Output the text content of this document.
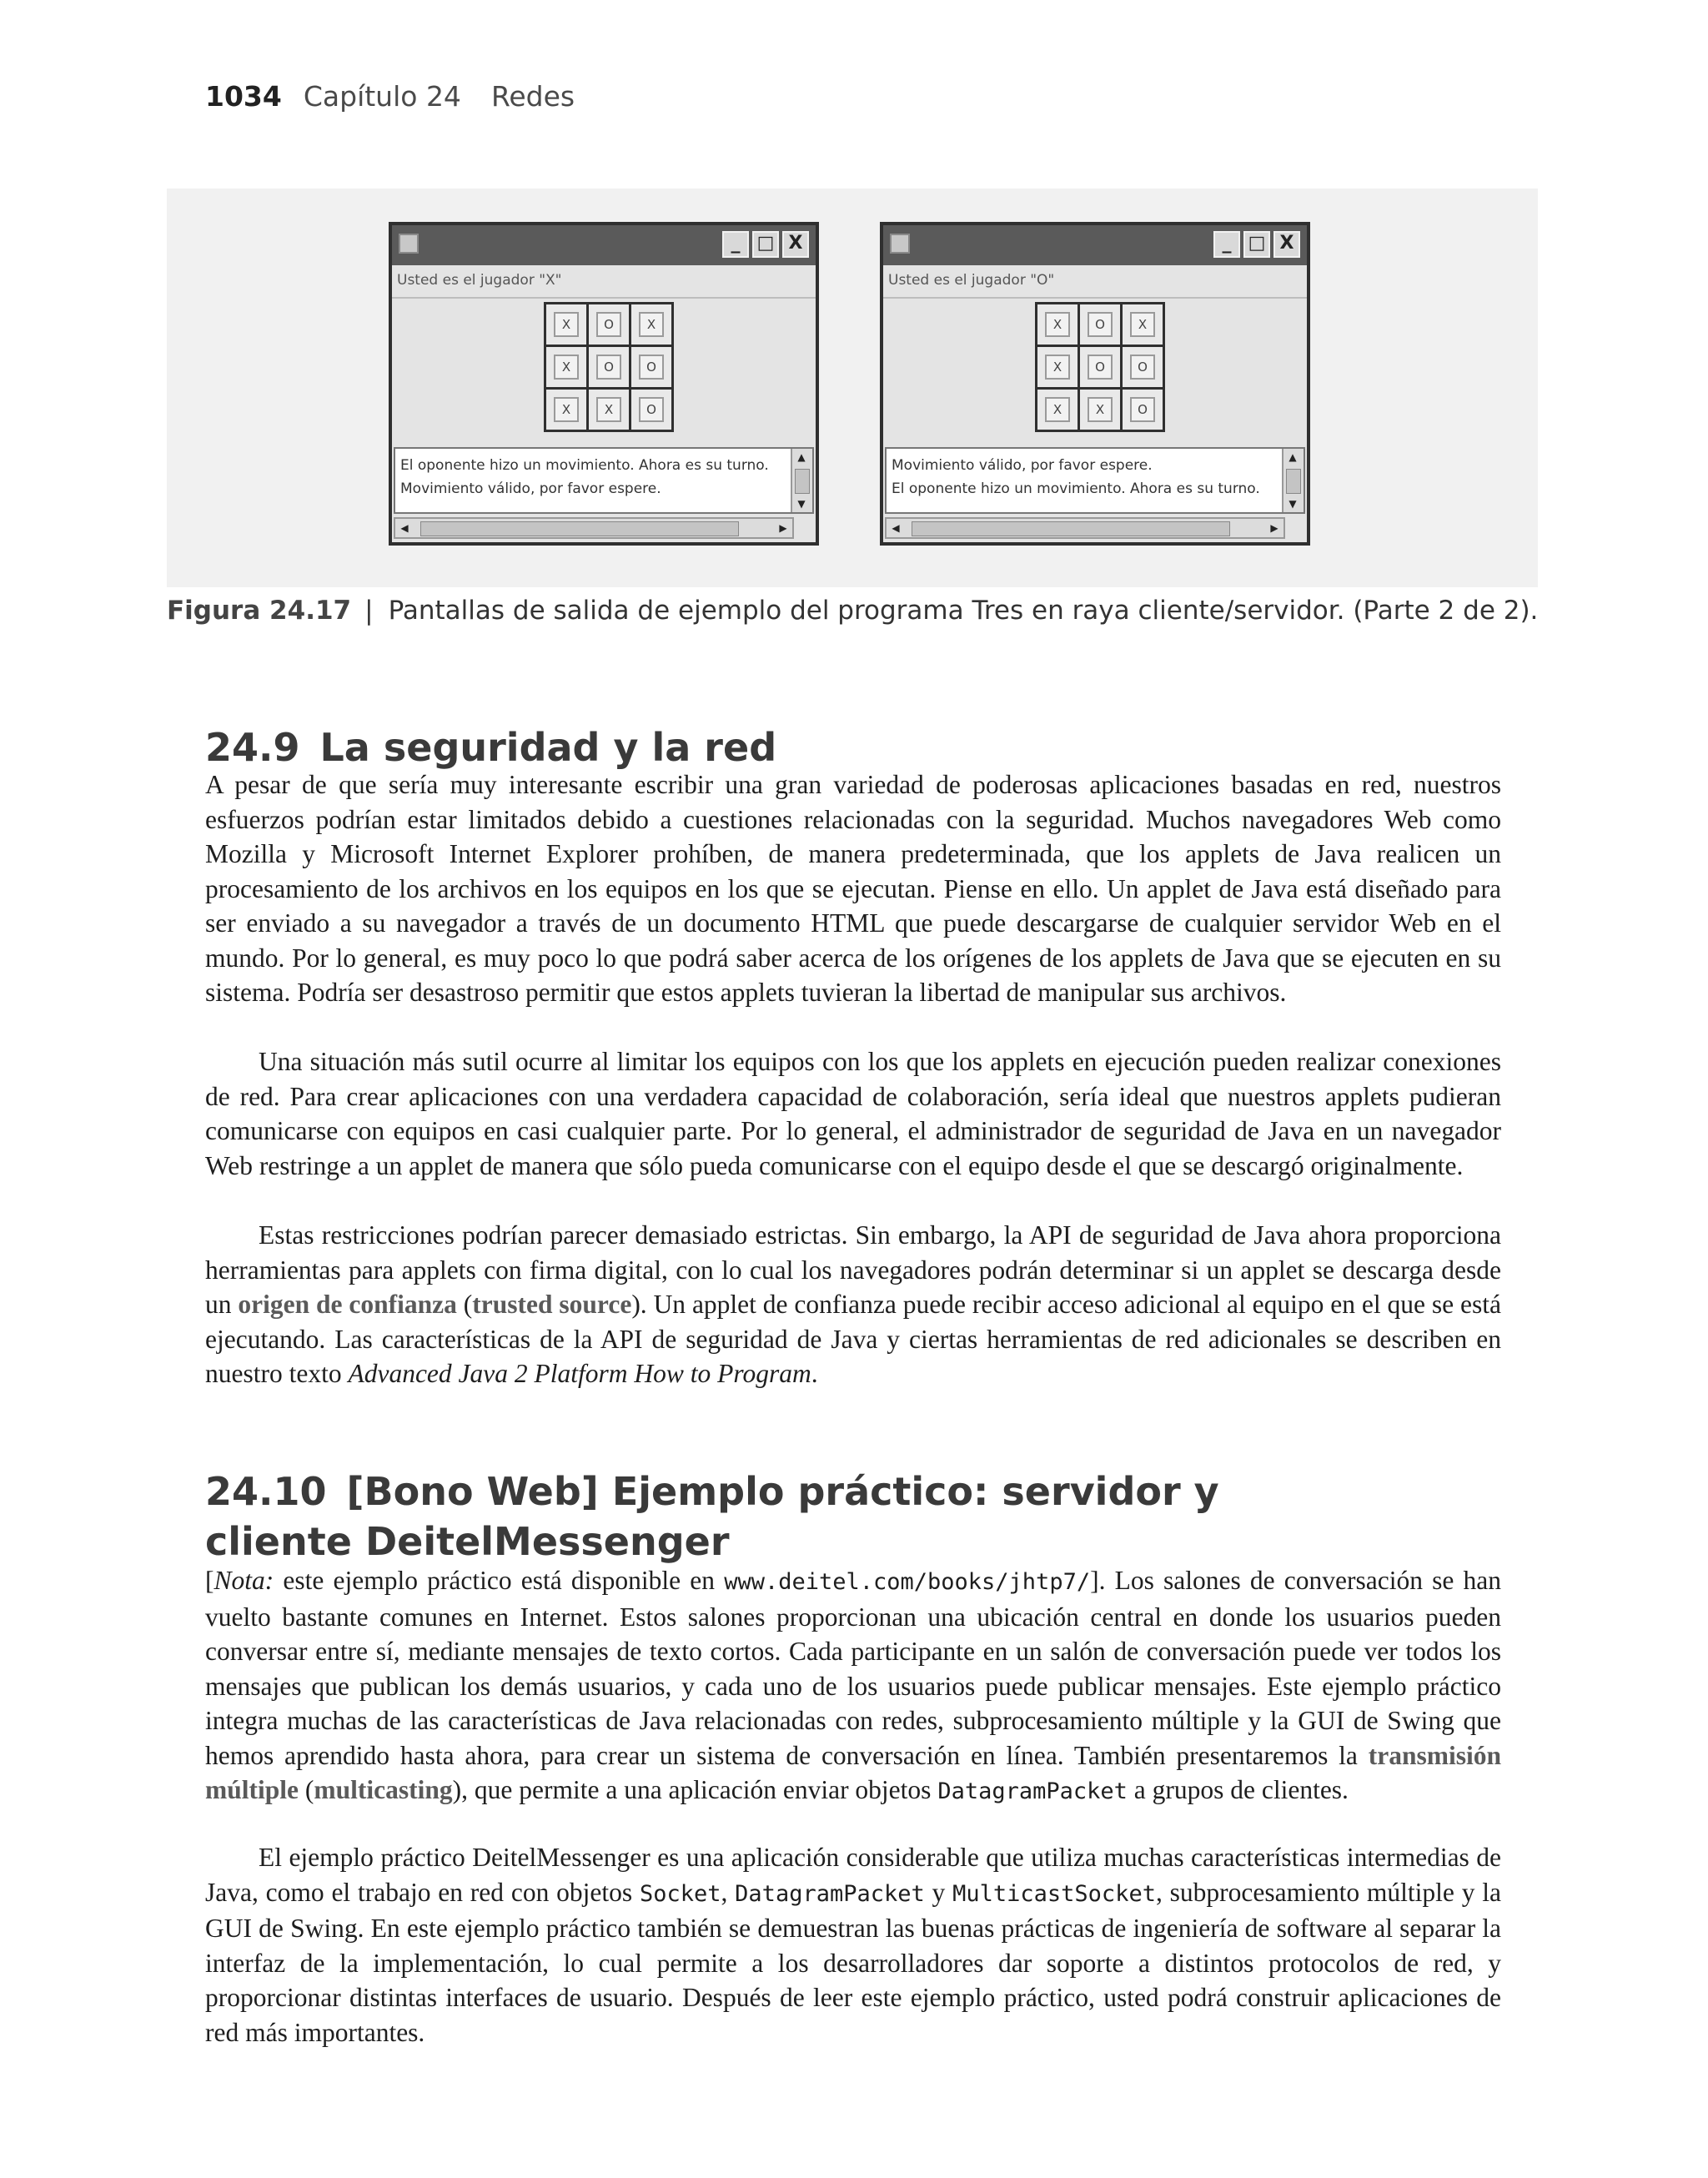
1034 Capítulo 24 Redes
_ □ X
Usted es el jugador "X"
X	O	X
X	O	O
X	X	O
El oponente hizo un movimiento. Ahora es su turno.
Movimiento válido, por favor espere.
▲
▼
◀	▶
_ □ X
Usted es el jugador "O"
X	O	X
X	O	O
X	X	O
Movimiento válido, por favor espere.
El oponente hizo un movimiento. Ahora es su turno.
▲
▼
◀	▶
Figura 24.17 | Pantallas de salida de ejemplo del programa Tres en raya cliente/servidor. (Parte 2 de 2).
24.9 La seguridad y la red

A pesar de que sería muy interesante escribir una gran variedad de poderosas aplicaciones basadas en red, nuestros esfuerzos podrían estar limitados debido a cuestiones relacionadas con la seguridad. Muchos navegadores Web como Mozilla y Microsoft Internet Explorer prohíben, de manera predeterminada, que los applets de Java realicen un procesamiento de los archivos en los equipos en los que se ejecutan. Piense en ello. Un applet de Java está diseñado para ser enviado a su navegador a través de un documento HTML que puede descargarse de cualquier servidor Web en el mundo. Por lo general, es muy poco lo que podrá saber acerca de los orígenes de los applets de Java que se ejecuten en su sistema. Podría ser desastroso permitir que estos applets tuvieran la libertad de manipular sus archivos.

Una situación más sutil ocurre al limitar los equipos con los que los applets en ejecución pueden realizar conexiones de red. Para crear aplicaciones con una verdadera capacidad de colaboración, sería ideal que nuestros applets pudieran comunicarse con equipos en casi cualquier parte. Por lo general, el administrador de seguridad de Java en un navegador Web restringe a un applet de manera que sólo pueda comunicarse con el equipo desde el que se descargó originalmente.

Estas restricciones podrían parecer demasiado estrictas. Sin embargo, la API de seguridad de Java ahora proporciona herramientas para applets con firma digital, con lo cual los navegadores podrán determinar si un applet se descarga desde un origen de confianza (trusted source). Un applet de confianza puede recibir acceso adicional al equipo en el que se está ejecutando. Las características de la API de seguridad de Java y ciertas herramientas de red adicionales se describen en nuestro texto Advanced Java 2 Platform How to Program.

24.10 [Bono Web] Ejemplo práctico: servidor y cliente DeitelMessenger

[Nota: este ejemplo práctico está disponible en www.deitel.com/books/jhtp7/]. Los salones de conversación se han vuelto bastante comunes en Internet. Estos salones proporcionan una ubicación central en donde los usuarios pueden conversar entre sí, mediante mensajes de texto cortos. Cada participante en un salón de conversación puede ver todos los mensajes que publican los demás usuarios, y cada uno de los usuarios puede publicar mensajes. Este ejemplo práctico integra muchas de las características de Java relacionadas con redes, subprocesamiento múltiple y la GUI de Swing que hemos aprendido hasta ahora, para crear un sistema de conversación en línea. También presentaremos la transmisión múltiple (multicasting), que permite a una aplicación enviar objetos DatagramPacket a grupos de clientes.

El ejemplo práctico DeitelMessenger es una aplicación considerable que utiliza muchas características intermedias de Java, como el trabajo en red con objetos Socket, DatagramPacket y MulticastSocket, subprocesamiento múltiple y la GUI de Swing. En este ejemplo práctico también se demuestran las buenas prácticas de ingeniería de software al separar la interfaz de la implementación, lo cual permite a los desarrolladores dar soporte a distintos protocolos de red, y proporcionar distintas interfaces de usuario. Después de leer este ejemplo práctico, usted podrá construir aplicaciones de red más importantes.
